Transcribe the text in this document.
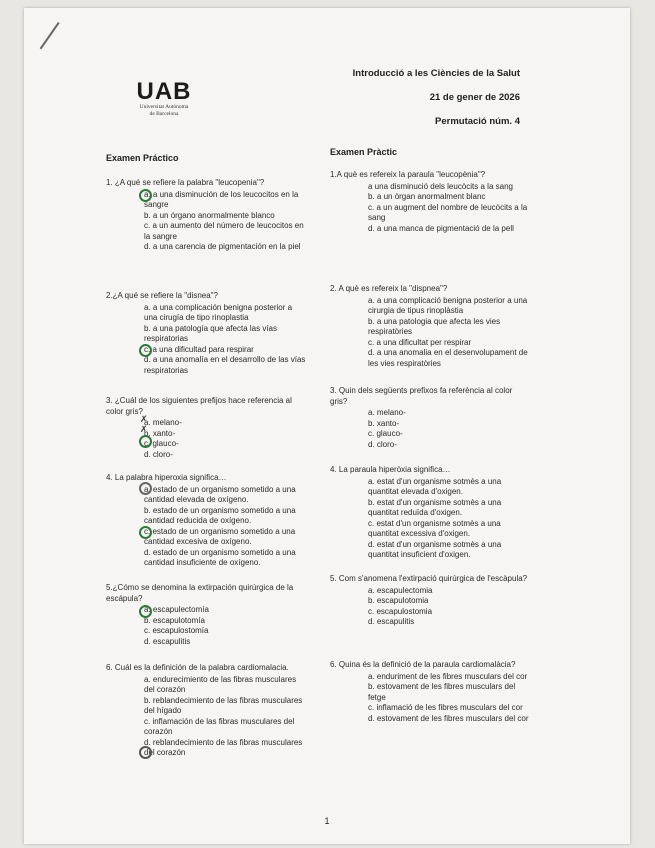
UAB
Universitat Autònoma
de Barcelona
Introducció a les Ciències de la Salut
21 de gener de 2026
Permutació núm. 4
Examen Práctico
Examen Pràctic
1. ¿A qué se refiere la palabra "leucopenia"?
a. a una disminución de los leucocitos en la sangre
b. a un órgano anormalmente blanco
c. a un aumento del número de leucocitos en la sangre
d. a una carencia de pigmentación en la piel
2.¿A qué se refiere la "disnea"?
a. a una complicación benigna posterior a una cirugía de tipo rinoplastia
b. a una patología que afecta las vías respiratorias
c. a una dificultad para respirar
d. a una anomalía en el desarrollo de las vías respiratorias
3. ¿Cuál de los siguientes prefijos hace referencia al color gris?
a. melano-
b. xanto-
c. glauco-
d. cloro-
✗
✗
4. La palabra hiperoxia significa…
a. estado de un organismo sometido a una cantidad elevada de oxígeno.
b. estado de un organismo sometido a una cantidad reducida de oxígeno.
c. estado de un organismo sometido a una cantidad excesiva de oxígeno.
d. estado de un organismo sometido a una cantidad insuficiente de oxígeno.
5.¿Cómo se denomina la extirpación quirúrgica de la escápula?
a. escapulectomía
b. escapulotomía
c. escapulostomía
d. escapulitis
6. Cuál es la definición de la palabra cardiomalacia.
a. endurecimiento de las fibras musculares del corazón
b. reblandecimiento de las fibras musculares del hígado
c. inflamación de las fibras musculares del corazón
d. reblandecimiento de las fibras musculares del corazón
1.A què es refereix la paraula "leucopènia"?
a una disminució dels leucòcits a la sang
b. a un òrgan anormalment blanc
c. a un augment del nombre de leucòcits a la sang
d. a una manca de pigmentació de la pell
2. A què es refereix la "dispnea"?
a. a una complicació benigna posterior a una cirurgia de tipus rinoplàstia
b. a una patologia que afecta les vies respiratòries
c. a una dificultat per respirar
d. a una anomalia en el desenvolupament de les vies respiratòries
3. Quin dels següents prefixos fa referència al color gris?
a. melano-
b. xanto-
c. glauco-
d. cloro-
4. La paraula hiperòxia significa…
a. estat d'un organisme sotmès a una quantitat elevada d'oxigen.
b. estat d'un organisme sotmès a una quantitat reduïda d'oxigen.
c. estat d'un organisme sotmès a una quantitat excessiva d'oxigen.
d. estat d'un organisme sotmès a una quantitat insuficient d'oxigen.
5. Com s'anomena l'extirpació quirúrgica de l'escàpula?
a. escapulectomia
b. escapulotomia
c. escapulostomia
d. escapulitis
6. Quina és la definició de la paraula cardiomalàcia?
a. enduriment de les fibres musculars del cor
b. estovament de les fibres musculars del fetge
c. inflamació de les fibres musculars del cor
d. estovament de les fibres musculars del cor
1
